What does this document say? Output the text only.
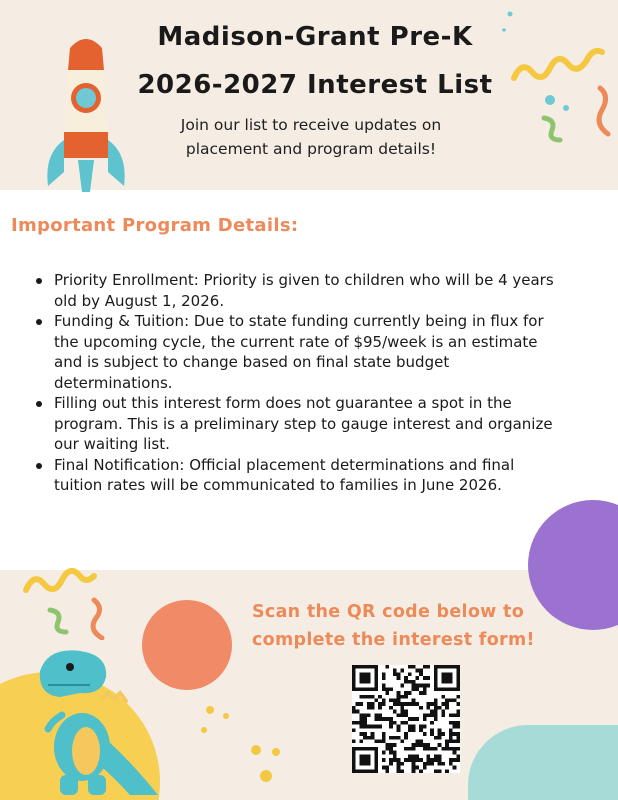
Madison-Grant Pre-K
2026-2027 Interest List
Join our list to receive updates on
placement and program details!
Important Program Details:
Priority Enrollment: Priority is given to children who will be 4 years old by August 1, 2026.
Funding & Tuition: Due to state funding currently being in flux for the upcoming cycle, the current rate of $95/week is an estimate and is subject to change based on final state budget determinations.
Filling out this interest form does not guarantee a spot in the program. This is a preliminary step to gauge interest and organize our waiting list.
Final Notification: Official placement determinations and final tuition rates will be communicated to families in June 2026.
Scan the QR code below to
complete the interest form!
